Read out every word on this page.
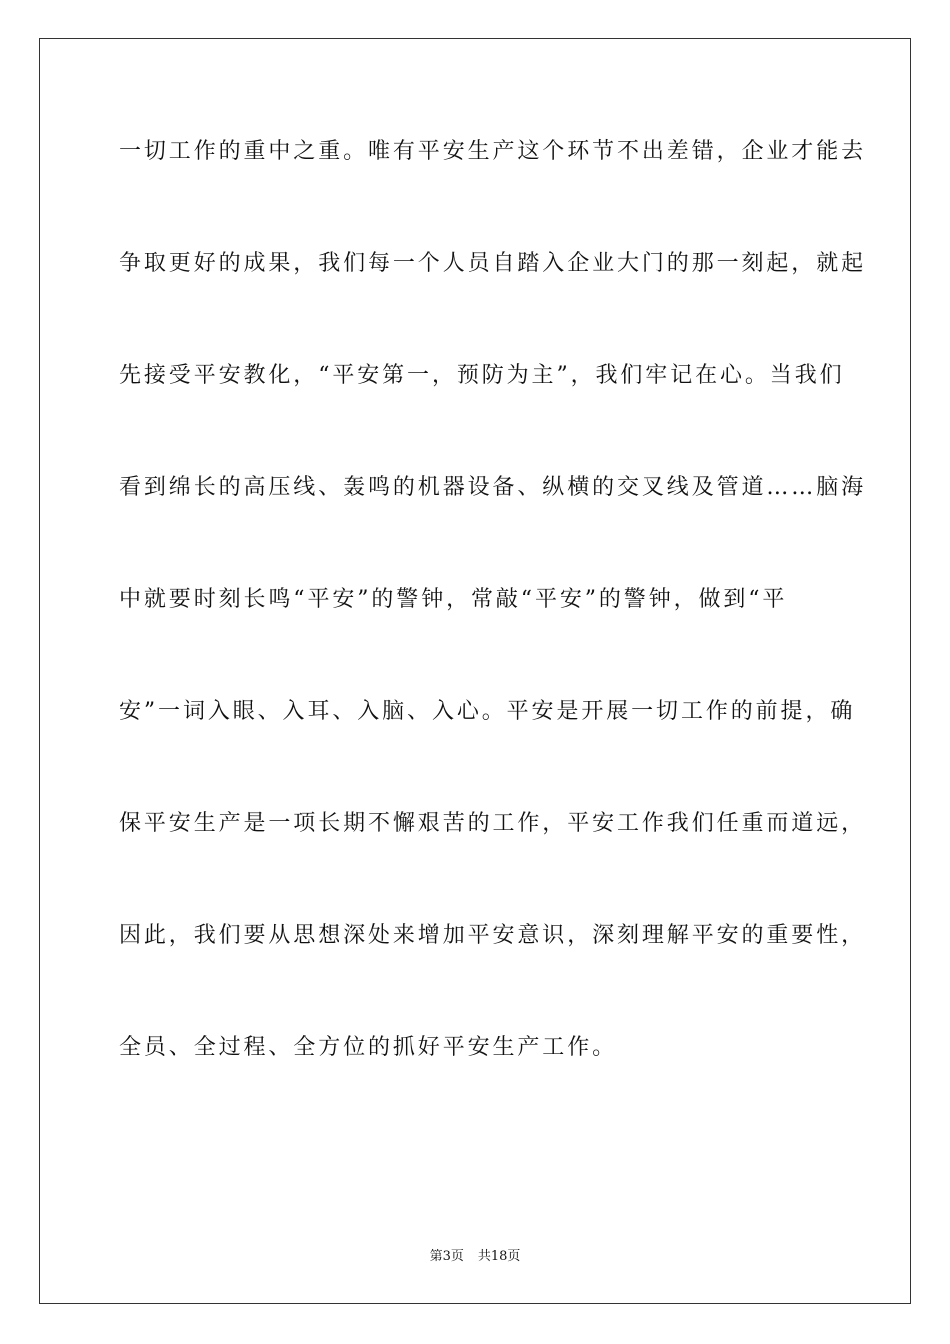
一切工作的重中之重。唯有平安生产这个环节不出差错，企业才能去
争取更好的成果，我们每一个人员自踏入企业大门的那一刻起，就起
先接受平安教化，“平安第一，预防为主”，我们牢记在心。当我们
看到绵长的高压线、轰鸣的机器设备、纵横的交叉线及管道……脑海
中就要时刻长鸣“平安”的警钟，常敲“平安”的警钟，做到“平
安”一词入眼、入耳、入脑、入心。平安是开展一切工作的前提，确
保平安生产是一项长期不懈艰苦的工作，平安工作我们任重而道远，
因此，我们要从思想深处来增加平安意识，深刻理解平安的重要性，
全员、全过程、全方位的抓好平安生产工作。
第3页 共18页
